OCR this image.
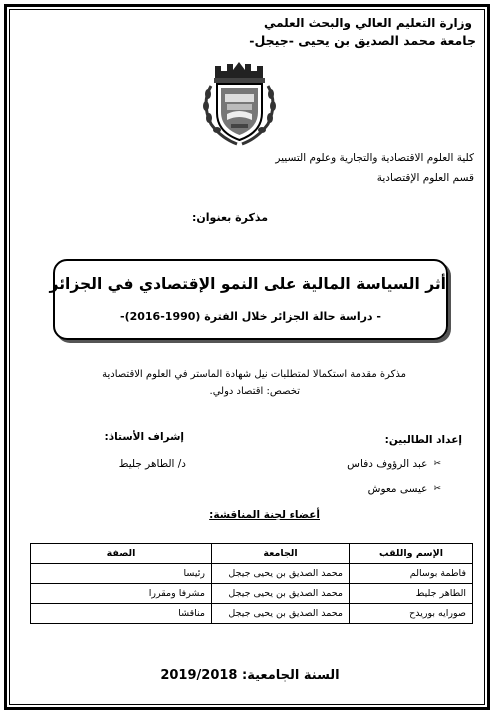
وزارة التعليم العالي والبحث العلمي
جامعة محمد الصديق بن يحيى -جيجل-
كلية العلوم الاقتصادية والتجارية وعلوم التسيير
قسم العلوم الإقتصادية
مذكرة بعنوان:
أثر السياسة المالية على النمو الإقتصادي في الجزائر
- دراسة حالة الجزائر خلال الفترة (1990-2016)-
مذكرة مقدمة استكمالا لمتطلبات نيل شهادة الماستر في العلوم الاقتصادية
تخصص: اقتصاد دولي.
إعداد الطالبين:
إشراف الأستاذ:
✂
عبد الرؤوف دفاس
✂
عيسى معوش
د/ الطاهر جليط
أعضاء لجنة المناقشة:
الإسم واللقب	الجامعة	الصفة
فاطمة بوسالم	محمد الصديق بن يحيى جيجل	رئيسا
الطاهر جليط	محمد الصديق بن يحيى جيجل	مشرفا ومقررا
صورايه بوريدح	محمد الصديق بن يحيى جيجل	مناقشا
السنة الجامعية: 2019/2018
